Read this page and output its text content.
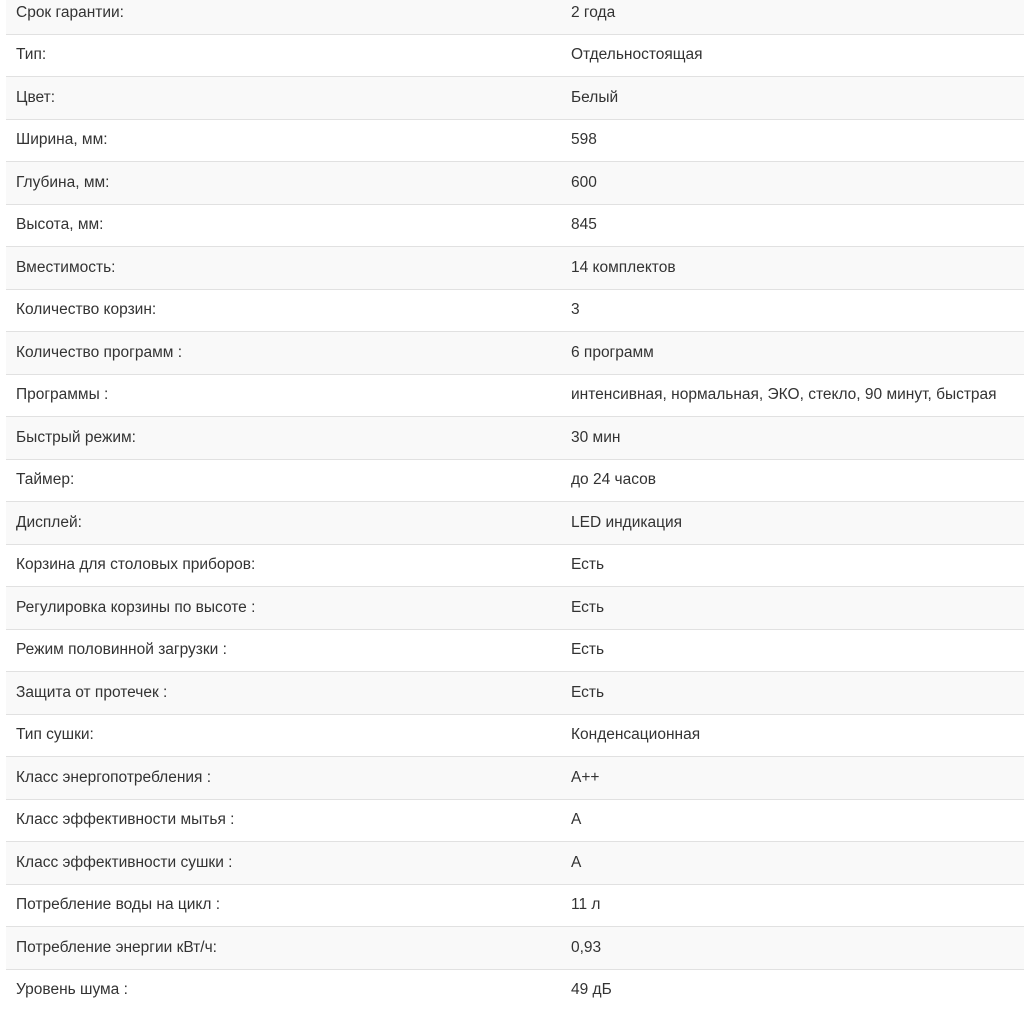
Срок гарантии:	2 года
Тип:	Отдельностоящая
Цвет:	Белый
Ширина, мм:	598
Глубина, мм:	600
Высота, мм:	845
Вместимость:	14 комплектов
Количество корзин:	3
Количество программ :	6 программ
Программы :	интенсивная, нормальная, ЭКО, стекло, 90 минут, быстрая
Быстрый режим:	30 мин
Таймер:	до 24 часов
Дисплей:	LED индикация
Корзина для столовых приборов:	Есть
Регулировка корзины по высоте :	Есть
Режим половинной загрузки :	Есть
Защита от протечек :	Есть
Тип сушки:	Конденсационная
Класс энергопотребления :	А++
Класс эффективности мытья :	А
Класс эффективности сушки :	А
Потребление воды на цикл :	11 л
Потребление энергии кВт/ч:	0,93
Уровень шума :	49 дБ
